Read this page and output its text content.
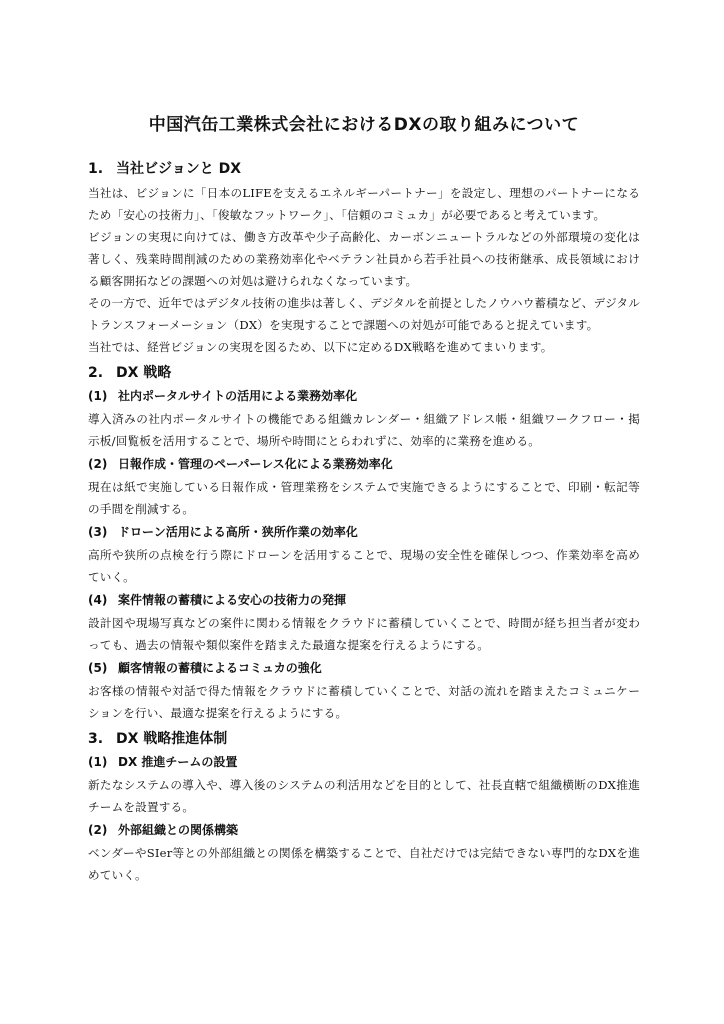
中国汽缶工業株式会社におけるDXの取り組みについて
1. 当社ビジョンと DX

当社は、ビジョンに「日本のLIFEを支えるエネルギーパートナー」を設定し、理想のパートナーになるため「安心の技術力」、「俊敏なフットワーク」、「信頼のコミュカ」が必要であると考えています。

ビジョンの実現に向けては、働き方改革や少子高齢化、カーボンニュートラルなどの外部環境の変化は著しく、残業時間削減のための業務効率化やベテラン社員から若手社員への技術継承、成長領域における顧客開拓などの課題への対処は避けられなくなっています。

その一方で、近年ではデジタル技術の進歩は著しく、デジタルを前提としたノウハウ蓄積など、デジタルトランスフォーメーション（DX）を実現することで課題への対処が可能であると捉えています。

当社では、経営ビジョンの実現を図るため、以下に定めるDX戦略を進めてまいります。

2. DX 戦略
(1) 社内ポータルサイトの活用による業務効率化

導入済みの社内ポータルサイトの機能である組織カレンダー・組織アドレス帳・組織ワークフロー・掲示板/回覧板を活用することで、場所や時間にとらわれずに、効率的に業務を進める。

(2) 日報作成・管理のペーパーレス化による業務効率化

現在は紙で実施している日報作成・管理業務をシステムで実施できるようにすることで、印刷・転記等の手間を削減する。

(3) ドローン活用による高所・狭所作業の効率化

高所や狭所の点検を行う際にドローンを活用することで、現場の安全性を確保しつつ、作業効率を高めていく。

(4) 案件情報の蓄積による安心の技術力の発揮

設計図や現場写真などの案件に関わる情報をクラウドに蓄積していくことで、時間が経ち担当者が変わっても、過去の情報や類似案件を踏まえた最適な提案を行えるようにする。

(5) 顧客情報の蓄積によるコミュカの強化

お客様の情報や対話で得た情報をクラウドに蓄積していくことで、対話の流れを踏まえたコミュニケーションを行い、最適な提案を行えるようにする。

3. DX 戦略推進体制
(1) DX 推進チームの設置

新たなシステムの導入や、導入後のシステムの利活用などを目的として、社長直轄で組織横断のDX推進チームを設置する。

(2) 外部組織との関係構築

ベンダーやSIer等との外部組織との関係を構築することで、自社だけでは完結できない専門的なDXを進めていく。
